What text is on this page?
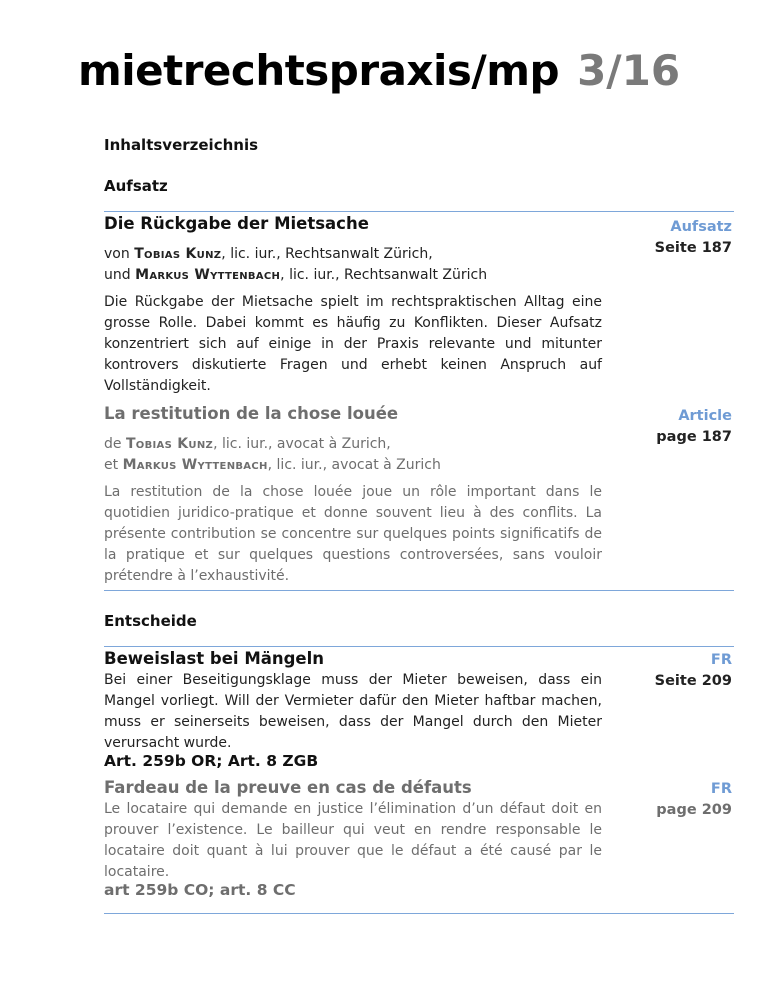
mietrechtspraxis/mp 3/16
Inhaltsverzeichnis
Aufsatz
Die Rückgabe der Mietsache	Aufsatz
Seite 187
von Tobias Kunz, lic. iur., Rechtsanwalt Zürich,
und Markus Wyttenbach, lic. iur., Rechtsanwalt Zürich
Die Rückgabe der Mietsache spielt im rechtspraktischen Alltag eine grosse Rolle. Dabei kommt es häufig zu Konflikten. Dieser Aufsatz konzentriert sich auf einige in der Praxis relevante und mitunter kontrovers diskutierte Fragen und erhebt keinen Anspruch auf Vollständigkeit.
La restitution de la chose louée	Article
page 187
de Tobias Kunz, lic. iur., avocat à Zurich,
et Markus Wyttenbach, lic. iur., avocat à Zurich
La restitution de la chose louée joue un rôle important dans le quotidien juridico-pratique et donne souvent lieu à des conflits. La présente contribution se concentre sur quelques points significatifs de la pratique et sur quelques questions controversées, sans vouloir prétendre à l’exhaustivité.
Entscheide
Beweislast bei Mängeln	FR
Seite 209
Bei einer Beseitigungsklage muss der Mieter beweisen, dass ein Mangel vorliegt. Will der Vermieter dafür den Mieter haftbar machen, muss er seinerseits beweisen, dass der Mangel durch den Mieter verursacht wurde.
Art. 259b OR; Art. 8 ZGB
Fardeau de la preuve en cas de défauts	FR
page 209
Le locataire qui demande en justice l’élimination d’un défaut doit en prouver l’existence. Le bailleur qui veut en rendre responsable le locataire doit quant à lui prouver que le défaut a été causé par le locataire.
art 259b CO; art. 8 CC
